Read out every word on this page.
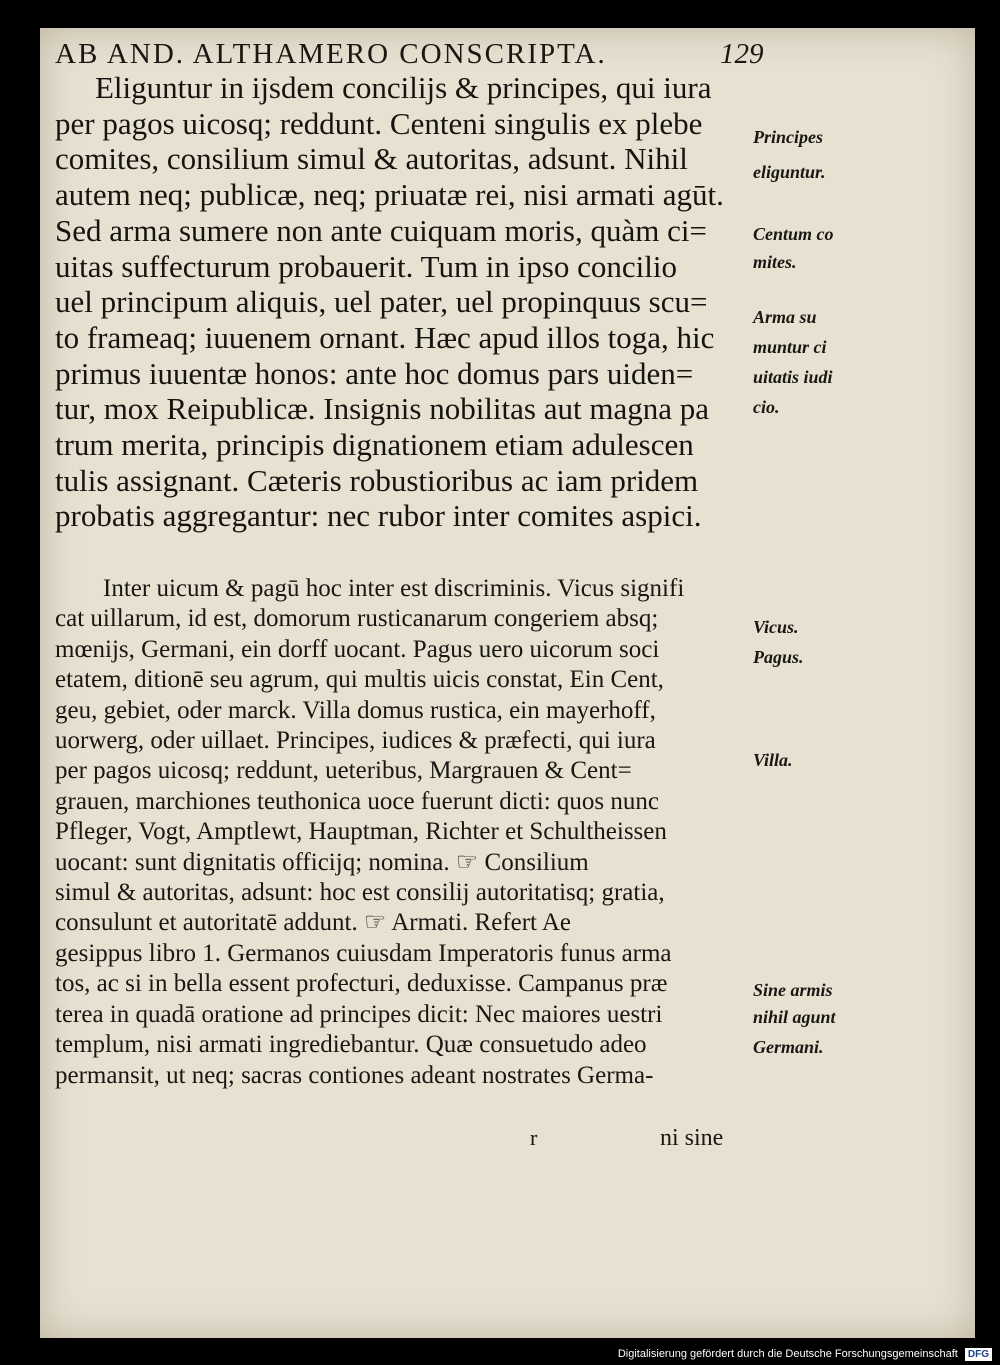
AB AND. ALTHAMERO CONSCRIPTA.	129
Eliguntur in ijsdem concilijs & principes, qui iura
per pagos uicosq; reddunt. Centeni singulis ex plebe
comites, consilium simul & autoritas, adsunt. Nihil
autem neq; publicæ, neq; priuatæ rei, nisi armati agūt.
Sed arma sumere non ante cuiquam moris, quàm ci=
uitas suffecturum probauerit. Tum in ipso concilio
uel principum aliquis, uel pater, uel propinquus scu=
to frameaq; iuuenem ornant. Hæc apud illos toga, hic
primus iuuentæ honos: ante hoc domus pars uiden=
tur, mox Reipublicæ. Insignis nobilitas aut magna pa
trum merita, principis dignationem etiam adulescen
tulis assignant. Cæteris robustioribus ac iam pridem
probatis aggregantur: nec rubor inter comites aspici.
Inter uicum & pagū hoc inter est discriminis. Vicus signifi
cat uillarum, id est, domorum rusticanarum congeriem absq;
mœnijs, Germani, ein dorff uocant. Pagus uero uicorum soci
etatem, ditionē seu agrum, qui multis uicis constat, Ein Cent,
geu, gebiet, oder marck. Villa domus rustica, ein mayerhoff,
uorwerg, oder uillaet. Principes, iudices & præfecti, qui iura
per pagos uicosq; reddunt, ueteribus, Margrauen & Cent=
grauen, marchiones teuthonica uoce fuerunt dicti: quos nunc
Pfleger, Vogt, Amptlewt, Hauptman, Richter et Schultheissen
uocant: sunt dignitatis officijq; nomina. ☞ Consilium
simul & autoritas, adsunt: hoc est consilij autoritatisq; gratia,
consulunt et autoritatē addunt. ☞ Armati. Refert Ae
gesippus libro 1. Germanos cuiusdam Imperatoris funus arma
tos, ac si in bella essent profecturi, deduxisse. Campanus præ
terea in quadā oratione ad principes dicit: Nec maiores uestri
templum, nisi armati ingrediebantur. Quæ consuetudo adeo
permansit, ut neq; sacras contiones adeant nostrates Germa-
Principes
eliguntur.
Centum co
mites.
Arma su
muntur ci
uitatis iudi
cio.
Vicus.
Pagus.
Villa.
Sine armis
nihil agunt
Germani.
r	ni sine
Digitalisierung gefördert durch die Deutsche Forschungsgemeinschaft DFG
